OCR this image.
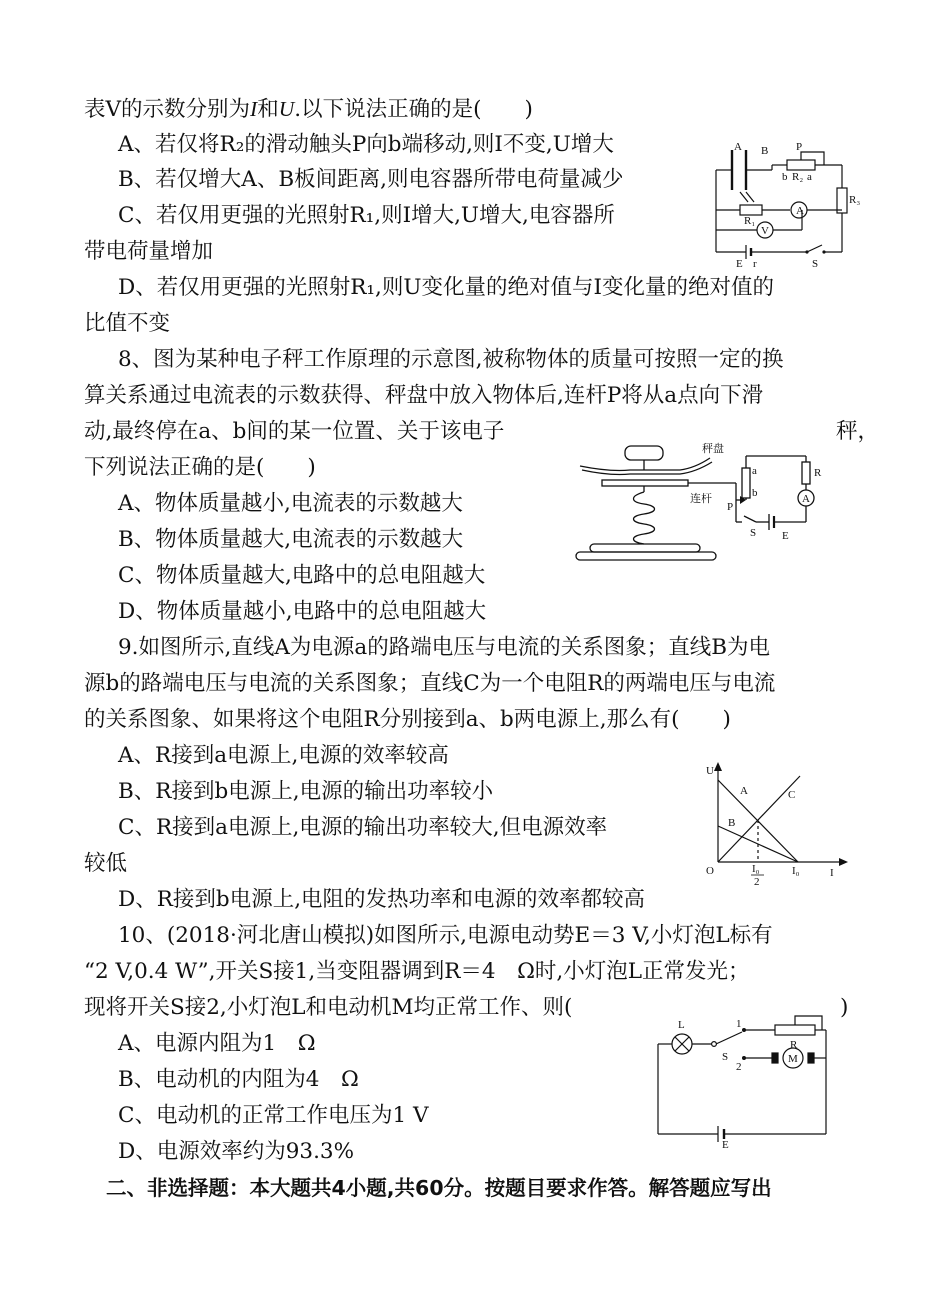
表V的示数分别为I和U.以下说法正确的是(　　)
A、若仅将R₂的滑动触头P向b端移动,则I不变,U增大
B、若仅增大A、B板间距离,则电容器所带电荷量减少
C、若仅用更强的光照射R₁,则I增大,U增大,电容器所
带电荷量增加
D、若仅用更强的光照射R₁,则U变化量的绝对值与I变化量的绝对值的
比值不变
A B	P
b R₂ a
R₁
R₃
A
V
E r	S
8、图为某种电子秤工作原理的示意图,被称物体的质量可按照一定的换
算关系通过电流表的示数获得、秤盘中放入物体后,连杆P将从a点向下滑
动,最终停在a、b间的某一位置、关于该电子	秤，
下列说法正确的是(　　)
A、物体质量越小,电流表的示数越大
B、物体质量越大,电流表的示数越大
C、物体质量越大,电路中的总电阻越大
D、物体质量越小,电路中的总电阻越大
秤盘
连杆
P
a
b
R
A
S E
9.如图所示,直线A为电源a的路端电压与电流的关系图象；直线B为电
源b的路端电压与电流的关系图象；直线C为一个电阻R的两端电压与电流
的关系图象、如果将这个电阻R分别接到a、b两电源上,那么有(　　)
A、R接到a电源上,电源的效率较高
B、R接到b电源上,电源的输出功率较小
C、R接到a电源上,电源的输出功率较大,但电源效率
较低
D、R接到b电源上,电阻的发热功率和电源的效率都较高
U
A	C
B
O	I₀
2
I₀	I
10、(2018·河北唐山模拟)如图所示,电源电动势E＝3 V,小灯泡L标有
“2 V,0.4 W”,开关S接1,当变阻器调到R＝4　Ω时,小灯泡L正常发光；
现将开关S接2,小灯泡L和电动机M均正常工作、则(	)
A、电源内阻为1　Ω
B、电动机的内阻为4　Ω
C、电动机的正常工作电压为1 V
D、电源效率约为93.3%
L	1
R
S
2
M
E
二、非选择题：本大题共4小题,共60分。按题目要求作答。解答题应写出
